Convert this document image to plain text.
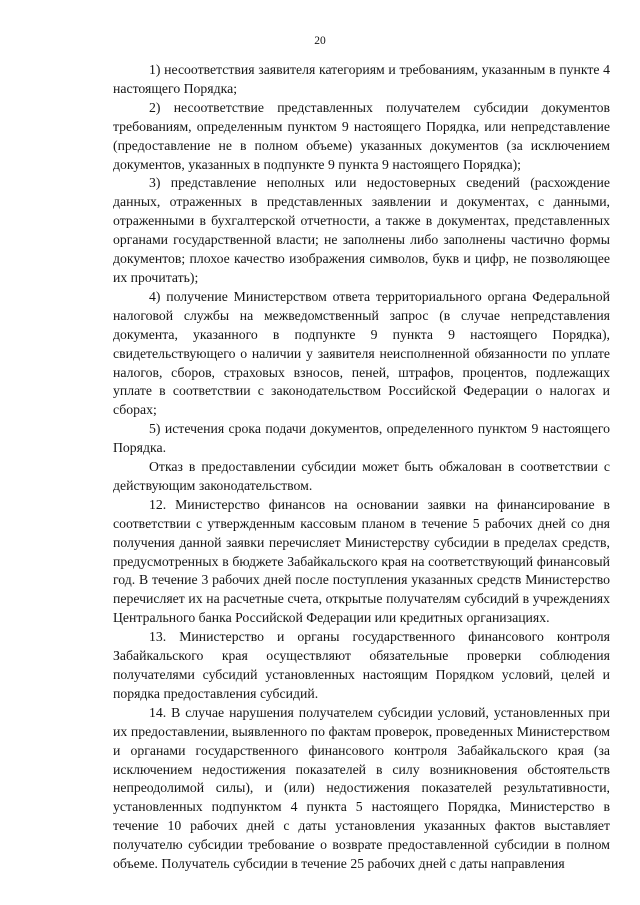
20

1) несоответствия заявителя категориям и требованиям, указанным в пункте 4 настоящего Порядка;

2) несоответствие представленных получателем субсидии документов требованиям, определенным пунктом 9 настоящего Порядка, или непредставление (предоставление не в полном объеме) указанных документов (за исключением документов, указанных в подпункте 9 пункта 9 настоящего Порядка);

3) представление неполных или недостоверных сведений (расхождение данных, отраженных в представленных заявлении и документах, с данными, отраженными в бухгалтерской отчетности, а также в документах, представленных органами государственной власти; не заполнены либо заполнены частично формы документов; плохое качество изображения символов, букв и цифр, не позволяющее их прочитать);

4) получение Министерством ответа территориального органа Федеральной налоговой службы на межведомственный запрос (в случае непредставления документа, указанного в подпункте 9 пункта 9 настоящего Порядка), свидетельствующего о наличии у заявителя неисполненной обязанности по уплате налогов, сборов, страховых взносов, пеней, штрафов, процентов, подлежащих уплате в соответствии с законодательством Российской Федерации о налогах и сборах;

5) истечения срока подачи документов, определенного пунктом 9 настоящего Порядка.

Отказ в предоставлении субсидии может быть обжалован в соответствии с действующим законодательством.

12. Министерство финансов на основании заявки на финансирование в соответствии с утвержденным кассовым планом в течение 5 рабочих дней со дня получения данной заявки перечисляет Министерству субсидии в пределах средств, предусмотренных в бюджете Забайкальского края на соответствующий финансовый год. В течение 3 рабочих дней после поступления указанных средств Министерство перечисляет их на расчетные счета, открытые получателям субсидий в учреждениях Центрального банка Российской Федерации или кредитных организациях.

13. Министерство и органы государственного финансового контроля Забайкальского края осуществляют обязательные проверки соблюдения получателями субсидий установленных настоящим Порядком условий, целей и порядка предоставления субсидий.

14. В случае нарушения получателем субсидии условий, установленных при их предоставлении, выявленного по фактам проверок, проведенных Министерством и органами государственного финансового контроля Забайкальского края (за исключением недостижения показателей в силу возникновения обстоятельств непреодолимой силы), и (или) недостижения показателей результативности, установленных подпунктом 4 пункта 5 настоящего Порядка, Министерство в течение 10 рабочих дней с даты установления указанных фактов выставляет получателю субсидии требование о возврате предоставленной субсидии в полном объеме. Получатель субсидии в течение 25 рабочих дней с даты направления
